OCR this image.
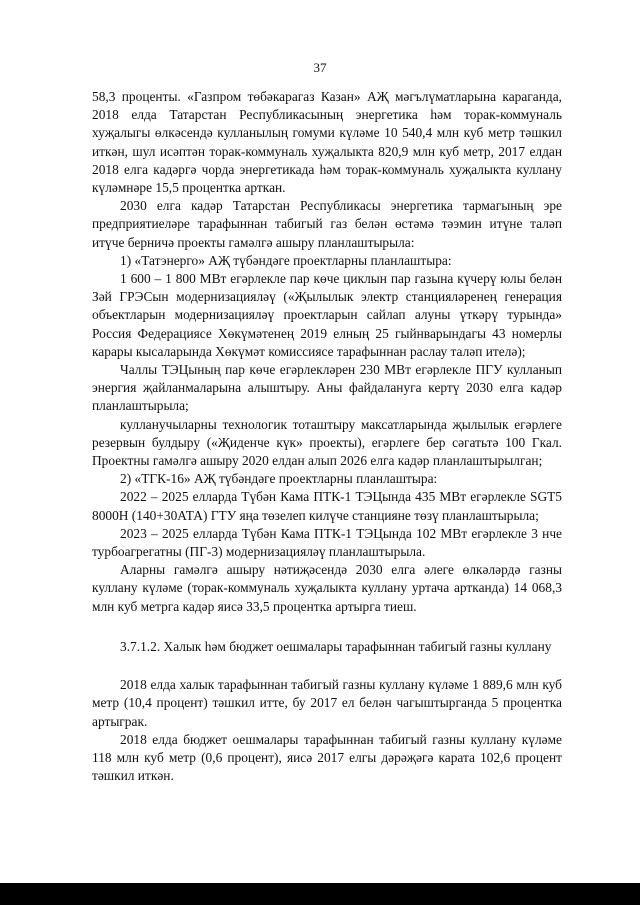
37

58,3 проценты. «Газпром төбәкарагаз Казан» АҖ мәгълүматларына караганда, 2018 елда Татарстан Республикасының энергетика һәм торак-коммуналь хуҗалыгы өлкәсендә кулланылың гомуми күләме 10 540,4 млн куб метр тәшкил иткән, шул исәптән торак-коммуналь хуҗалыкта 820,9 млн куб метр, 2017 елдан 2018 елга кадәргә чорда энергетикада һәм торак-коммуналь хуҗалыкта куллану күләмнәре 15,5 процентка арткан.

2030 елга кадәр Татарстан Республикасы энергетика тармагының эре предприятиеләре тарафыннан табигый газ белән өстәмә тәэмин итүне таләп итүче берничә проекты гамәлгә ашыру планлаштырыла:

1) «Татэнерго» АҖ түбәндәге проектларны планлаштыра:

1 600 – 1 800 МВт егәрлекле пар көче циклын пар газына күчерү юлы белән Зәй ГРЭСын модернизацияләү («Җылылык электр станцияләренең генерация объектларын модернизацияләү проектларын сайлап алуны үткәрү турында» Россия Федерациясе Хөкүмәтенең 2019 елның 25 гыйнварындагы 43 номерлы карары кысаларында Хөкүмәт комиссиясе тарафыннан раслау таләп ителә);

Чаллы ТЭЦының пар көче егәрлекләрен 230 МВт егәрлекле ПГУ кулланып энергия җайланмаларына алыштыру. Аны файдалануга кертү 2030 елга кадәр планлаштырыла;

кулланучыларны технологик тоташтыру максатларында җылылык егәрлеге резервын булдыру («Җиденче күк» проекты), егәрлеге бер сәгатьтә 100 Гкал. Проектны гамәлгә ашыру 2020 елдан алып 2026 елга кадәр планлаштырылган;

2) «ТГК-16» АҖ түбәндәге проектларны планлаштыра:

2022 – 2025 елларда Түбән Кама ПТК-1 ТЭЦында 435 МВт егәрлекле SGT5 8000H (140+30АТА) ГТУ яңа төзелеп килүче станцияне төзү планлаштырыла;

2023 – 2025 елларда Түбән Кама ПТК-1 ТЭЦында 102 МВт егәрлекле 3 нче турбоагрегатны (ПГ-3) модернизацияләү планлаштырыла.

Аларны гамәлгә ашыру нәтиҗәсендә 2030 елга әлеге өлкәләрдә газны куллану күләме (торак-коммуналь хуҗалыкта куллану уртача артканда) 14 068,3 млн куб метрга кадәр яисә 33,5 процентка артырга тиеш.

3.7.1.2. Халык һәм бюджет оешмалары тарафыннан табигый газны куллану

2018 елда халык тарафыннан табигый газны куллану күләме 1 889,6 млн куб метр (10,4 процент) тәшкил итте, бу 2017 ел белән чагыштырганда 5 процентка артыграк.

2018 елда бюджет оешмалары тарафыннан табигый газны куллану күләме 118 млн куб метр (0,6 процент), яисә 2017 елгы дәрәҗәгә карата 102,6 процент тәшкил иткән.
